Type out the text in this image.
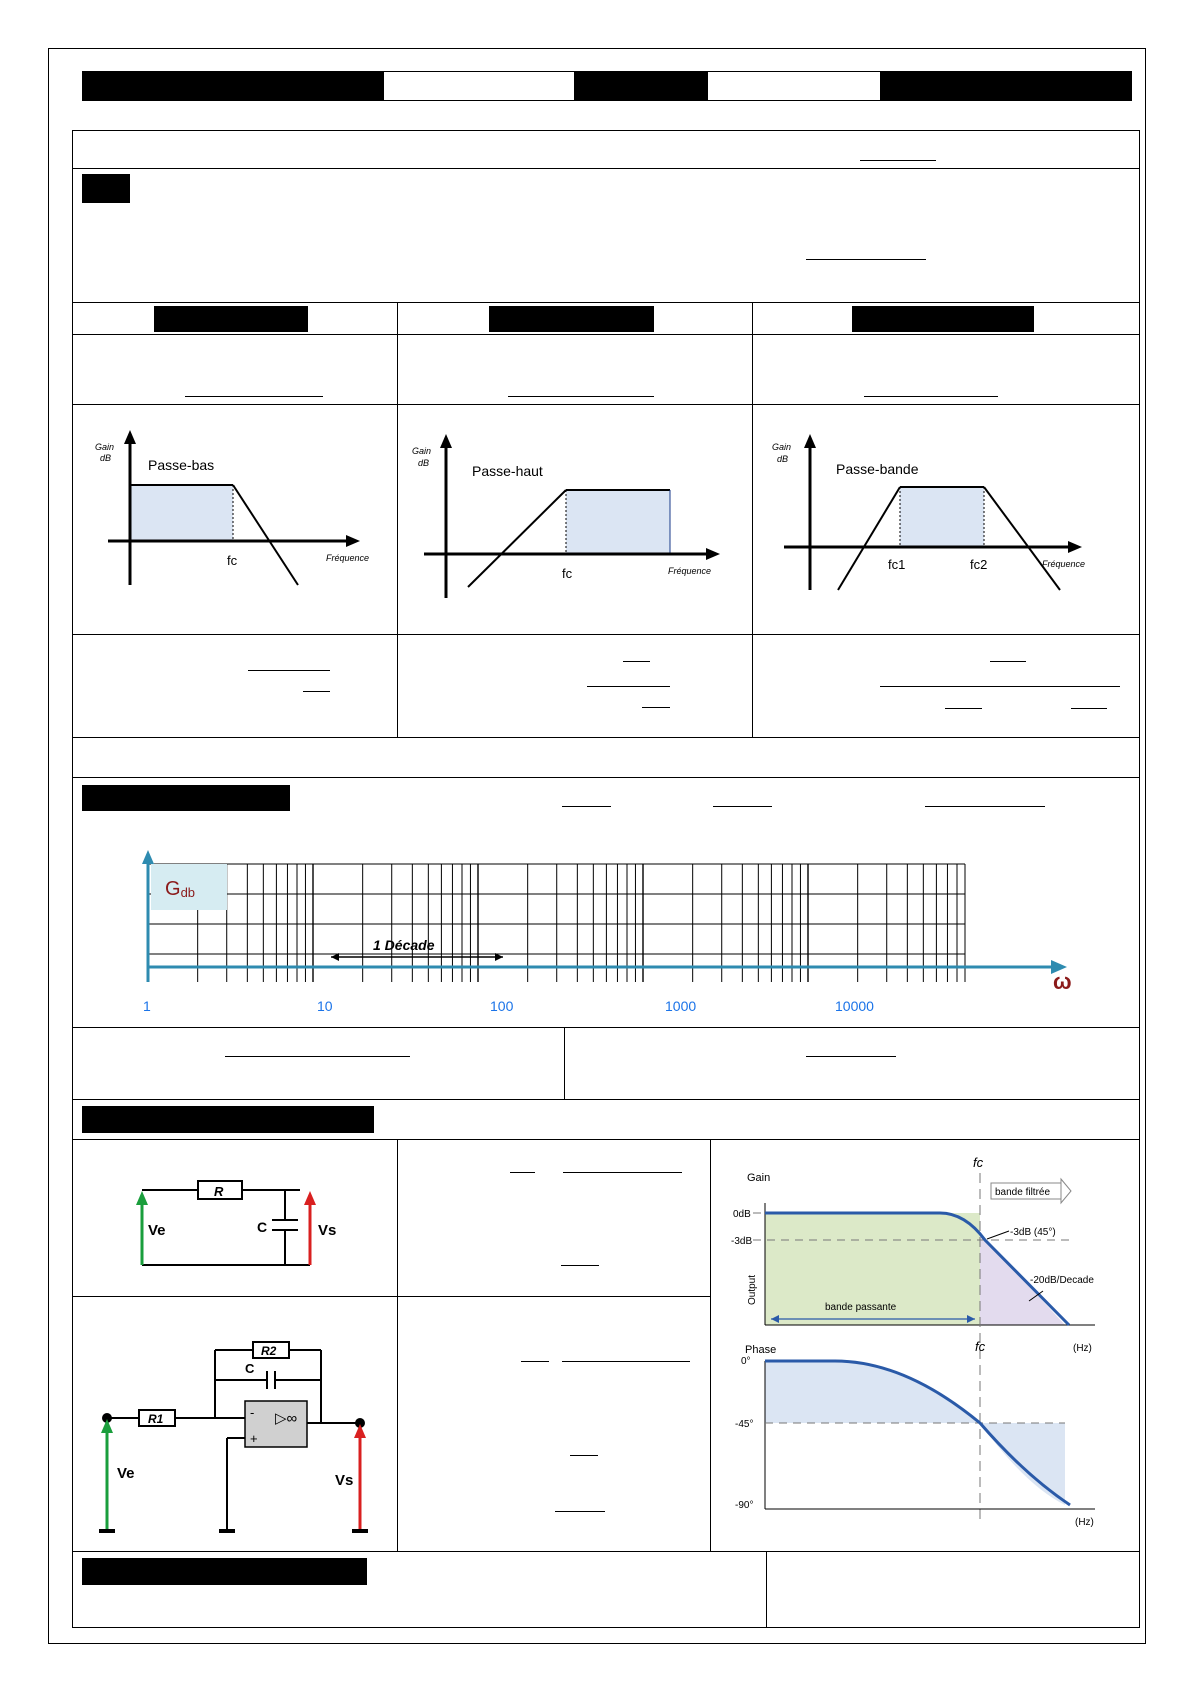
Gain
dB	Passe-bas
fc	Fréquence
Gain
dB	Passe-haut
fc	Fréquence
Gain
dB
Passe-bande
fc1	fc2	Fréquence
Gdb
1 Décade
ω
1	10	100	1000	10000
R
C
Ve	Vs
R1
R2
C
-
+
▷∞
Ve	Vs
Gain
fc
bande filtrée
0dB
-3dB
-3dB (45°)
-20dB/Decade
Output
bande passante
fc	(Hz)
Phase
0°
-45°
-90°
(Hz)
